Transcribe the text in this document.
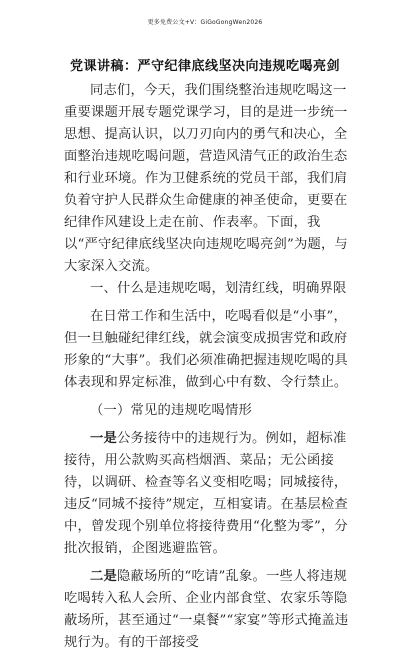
更多免费公文+V：GiGoGongWen2026
党课讲稿：严守纪律底线坚决向违规吃喝亮剑

同志们，今天，我们围绕整治违规吃喝这一重要课题开展专题党课学习，目的是进一步统一思想、提高认识，以刀刃向内的勇气和决心，全面整治违规吃喝问题，营造风清气正的政治生态和行业环境。作为卫健系统的党员干部，我们肩负着守护人民群众生命健康的神圣使命，更要在纪律作风建设上走在前、作表率。下面，我以“严守纪律底线坚决向违规吃喝亮剑”为题，与大家深入交流。

一、什么是违规吃喝，划清红线，明确界限

在日常工作和生活中，吃喝看似是“小事”，但一旦触碰纪律红线，就会演变成损害党和政府形象的“大事”。我们必须准确把握违规吃喝的具体表现和界定标准，做到心中有数、令行禁止。

（一）常见的违规吃喝情形

一是公务接待中的违规行为。例如，超标准接待，用公款购买高档烟酒、菜品；无公函接待，以调研、检查等名义变相吃喝；同城接待，违反“同城不接待”规定，互相宴请。在基层检查中，曾发现个别单位将接待费用“化整为零”，分批次报销，企图逃避监管。

二是隐蔽场所的“吃请”乱象。一些人将违规吃喝转入私人会所、企业内部食堂、农家乐等隐蔽场所，甚至通过“一桌餐”“家宴”等形式掩盖违规行为。有的干部接受
